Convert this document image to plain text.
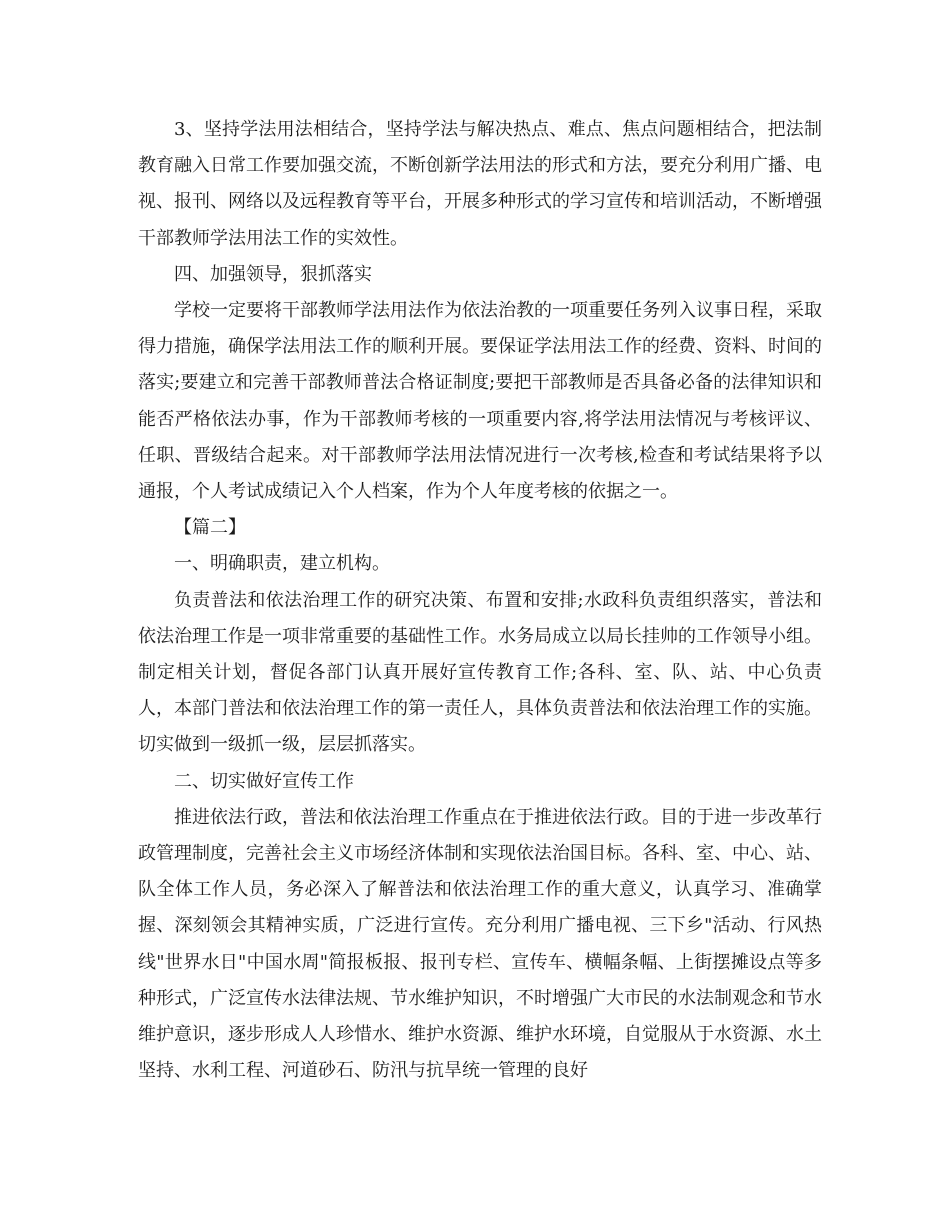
3、坚持学法用法相结合，坚持学法与解决热点、难点、焦点问题相结合，把法制教育融入日常工作要加强交流，不断创新学法用法的形式和方法，要充分利用广播、电视、报刊、网络以及远程教育等平台，开展多种形式的学习宣传和培训活动，不断增强干部教师学法用法工作的实效性。

四、加强领导，狠抓落实

学校一定要将干部教师学法用法作为依法治教的一项重要任务列入议事日程，采取得力措施，确保学法用法工作的顺利开展。要保证学法用法工作的经费、资料、时间的落实;要建立和完善干部教师普法合格证制度;要把干部教师是否具备必备的法律知识和能否严格依法办事，作为干部教师考核的一项重要内容,将学法用法情况与考核评议、任职、晋级结合起来。对干部教师学法用法情况进行一次考核,检查和考试结果将予以通报，个人考试成绩记入个人档案，作为个人年度考核的依据之一。

【篇二】

一、明确职责，建立机构。

负责普法和依法治理工作的研究决策、布置和安排;水政科负责组织落实，普法和依法治理工作是一项非常重要的基础性工作。水务局成立以局长挂帅的工作领导小组。制定相关计划，督促各部门认真开展好宣传教育工作;各科、室、队、站、中心负责人，本部门普法和依法治理工作的第一责任人，具体负责普法和依法治理工作的实施。切实做到一级抓一级，层层抓落实。

二、切实做好宣传工作

推进依法行政，普法和依法治理工作重点在于推进依法行政。目的于进一步改革行政管理制度，完善社会主义市场经济体制和实现依法治国目标。各科、室、中心、站、队全体工作人员，务必深入了解普法和依法治理工作的重大意义，认真学习、准确掌握、深刻领会其精神实质，广泛进行宣传。充分利用广播电视、三下乡"活动、行风热线"世界水日"中国水周"简报板报、报刊专栏、宣传车、横幅条幅、上街摆摊设点等多种形式，广泛宣传水法律法规、节水维护知识，不时增强广大市民的水法制观念和节水维护意识，逐步形成人人珍惜水、维护水资源、维护水环境，自觉服从于水资源、水土坚持、水利工程、河道砂石、防汛与抗旱统一管理的良好
